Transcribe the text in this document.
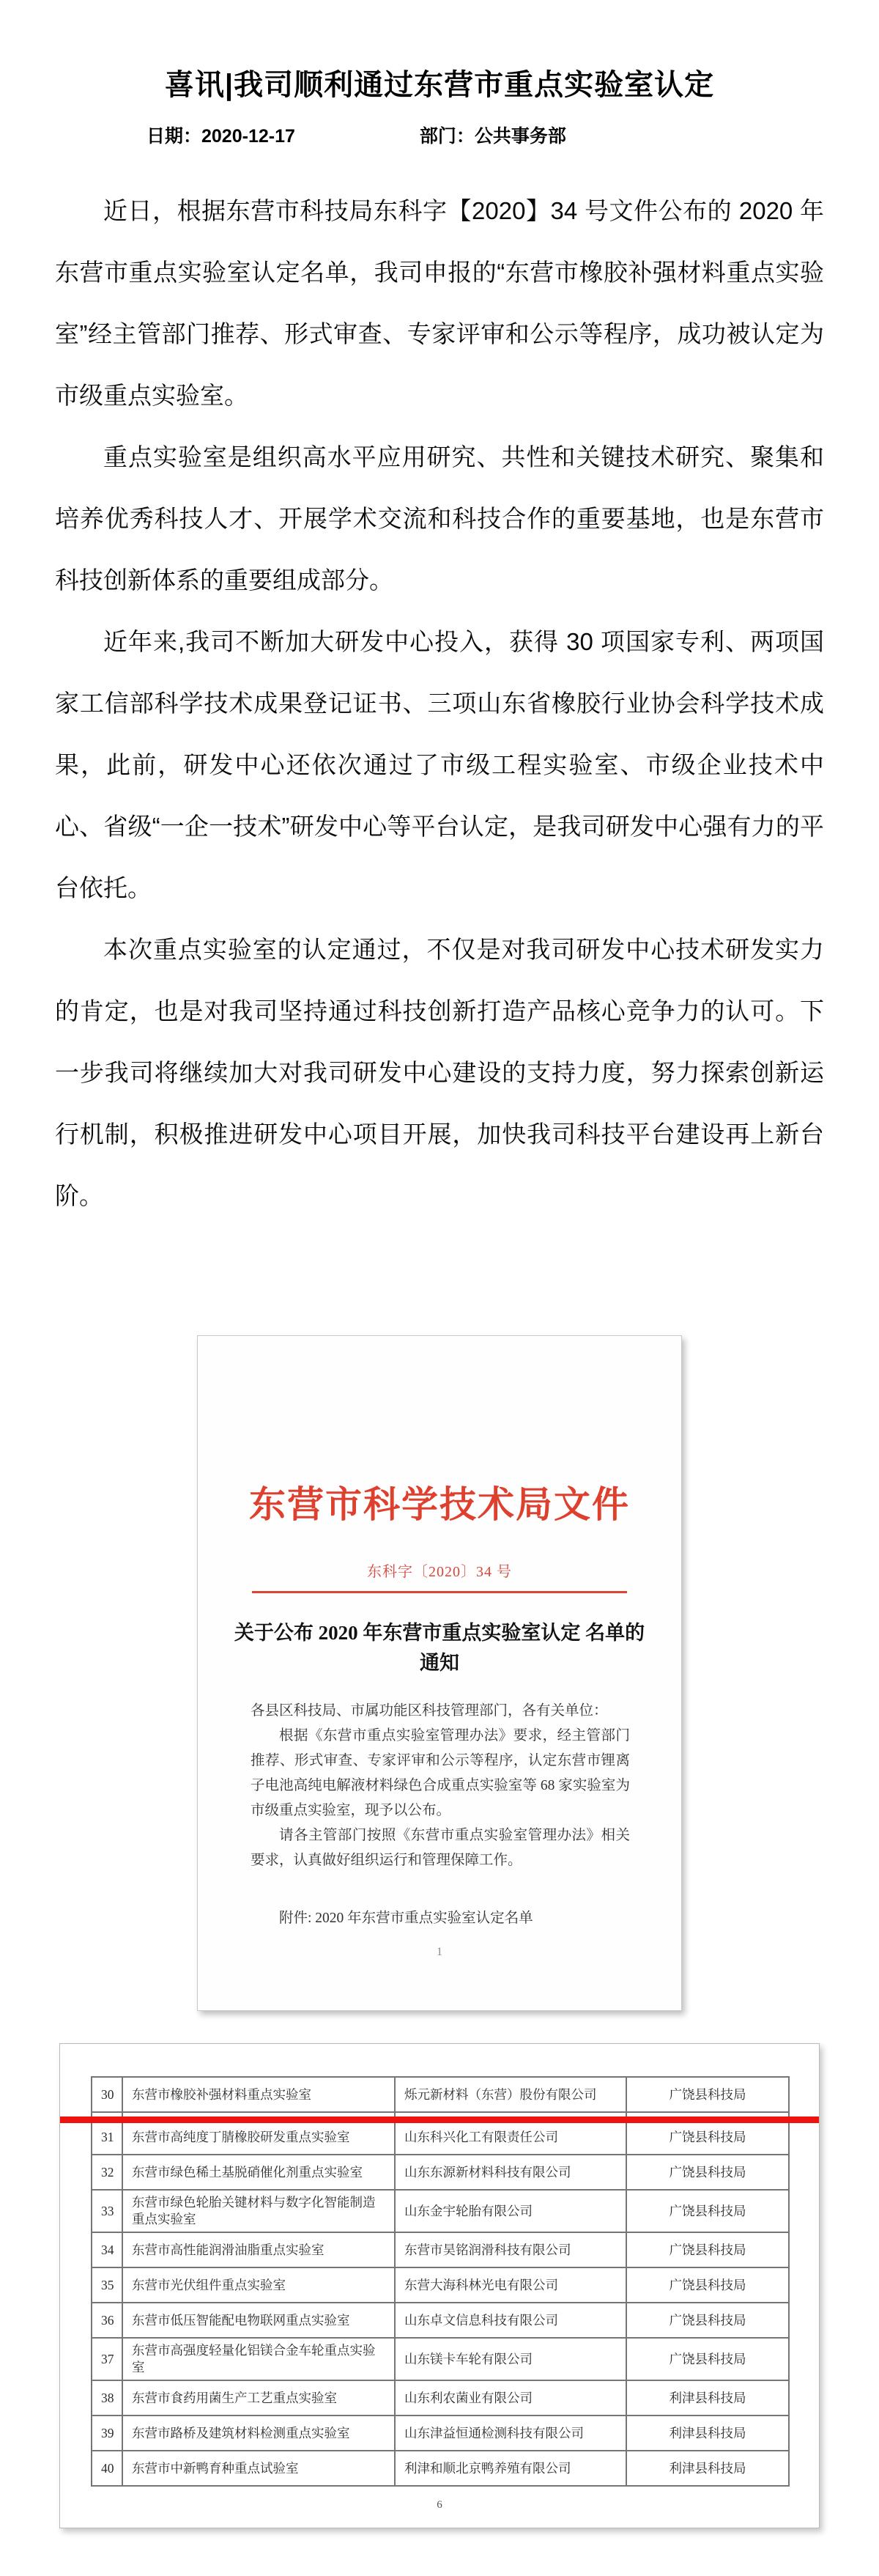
喜讯|我司顺利通过东营市重点实验室认定
日期：2020-12-17	部门：公共事务部

近日，根据东营市科技局东科字【2020】34 号文件公布的 2020 年东营市重点实验室认定名单，我司申报的“东营市橡胶补强材料重点实验室”经主管部门推荐、形式审查、专家评审和公示等程序，成功被认定为市级重点实验室。

重点实验室是组织高水平应用研究、共性和关键技术研究、聚集和培养优秀科技人才、开展学术交流和科技合作的重要基地，也是东营市科技创新体系的重要组成部分。

近年来,我司不断加大研发中心投入，获得 30 项国家专利、两项国家工信部科学技术成果登记证书、三项山东省橡胶行业协会科学技术成果，此前，研发中心还依次通过了市级工程实验室、市级企业技术中心、省级“一企一技术”研发中心等平台认定，是我司研发中心强有力的平台依托。

本次重点实验室的认定通过，不仅是对我司研发中心技术研发实力的肯定，也是对我司坚持通过科技创新打造产品核心竞争力的认可。下一步我司将继续加大对我司研发中心建设的支持力度，努力探索创新运行机制，积极推进研发中心项目开展，加快我司科技平台建设再上新台阶。

东营市科学技术局文件
东科字〔2020〕34 号
关于公布 2020 年东营市重点实验室认定 名单的通知

各县区科技局、市属功能区科技管理部门，各有关单位：

根据《东营市重点实验室管理办法》要求，经主管部门推荐、形式审查、专家评审和公示等程序，认定东营市锂离子电池高纯电解液材料绿色合成重点实验室等 68 家实验室为市级重点实验室，现予以公布。

请各主管部门按照《东营市重点实验室管理办法》相关要求，认真做好组织运行和管理保障工作。

附件: 2020 年东营市重点实验室认定名单
1
30	东营市橡胶补强材料重点实验室	烁元新材料（东营）股份有限公司	广饶县科技局

31	东营市高纯度丁腈橡胶研发重点实验室	山东科兴化工有限责任公司	广饶县科技局
32	东营市绿色稀土基脱硝催化剂重点实验室	山东东源新材料科技有限公司	广饶县科技局
33	东营市绿色轮胎关键材料与数字化智能制造重点实验室	山东金宇轮胎有限公司	广饶县科技局
34	东营市高性能润滑油脂重点实验室	东营市昊铭润滑科技有限公司	广饶县科技局
35	东营市光伏组件重点实验室	东营大海科林光电有限公司	广饶县科技局
36	东营市低压智能配电物联网重点实验室	山东卓文信息科技有限公司	广饶县科技局
37	东营市高强度轻量化铝镁合金车轮重点实验室	山东镁卡车轮有限公司	广饶县科技局
38	东营市食药用菌生产工艺重点实验室	山东利农菌业有限公司	利津县科技局
39	东营市路桥及建筑材料检测重点实验室	山东津益恒通检测科技有限公司	利津县科技局
40	东营市中新鸭育种重点试验室	利津和顺北京鸭养殖有限公司	利津县科技局
6
